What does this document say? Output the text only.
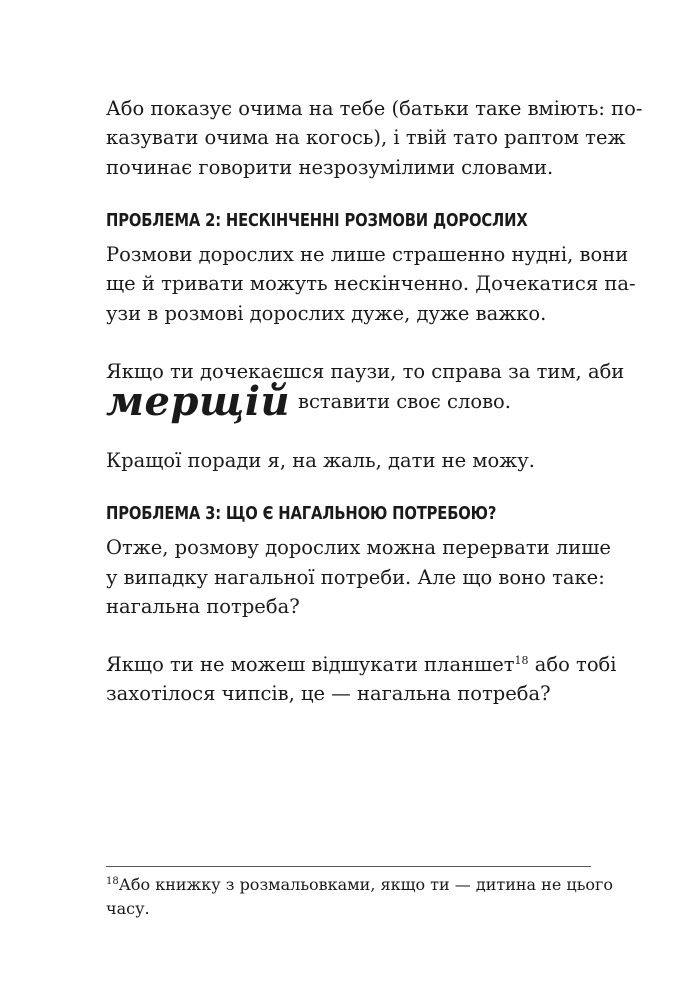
Або показує очима на тебе (батьки таке вміють: по-

казувати очима на когось), і твій тато раптом теж

починає говорити незрозумілими словами.

ПРОБЛЕМА 2: НЕСКІНЧЕННІ РОЗМОВИ ДОРОСЛИХ

Розмови дорослих не лише страшенно нудні, вони

ще й тривати можуть нескінченно. Дочекатися па-

узи в розмові дорослих дуже, дуже важко.

Якщо ти дочекаєшся паузи, то справа за тим, аби

мерщій вставити своє слово.

Кращої поради я, на жаль, дати не можу.

ПРОБЛЕМА 3: ЩО Є НАГАЛЬНОЮ ПОТРЕБОЮ?

Отже, розмову дорослих можна перервати лише

у випадку нагальної потреби. Але що воно таке:

нагальна потреба?

Якщо ти не можеш відшукати планшет$^{18}$ або тобі

захотілося чипсів, це — нагальна потреба?

$^{18}$Або книжку з розмальовками, якщо ти — дитина не цього

часу.
